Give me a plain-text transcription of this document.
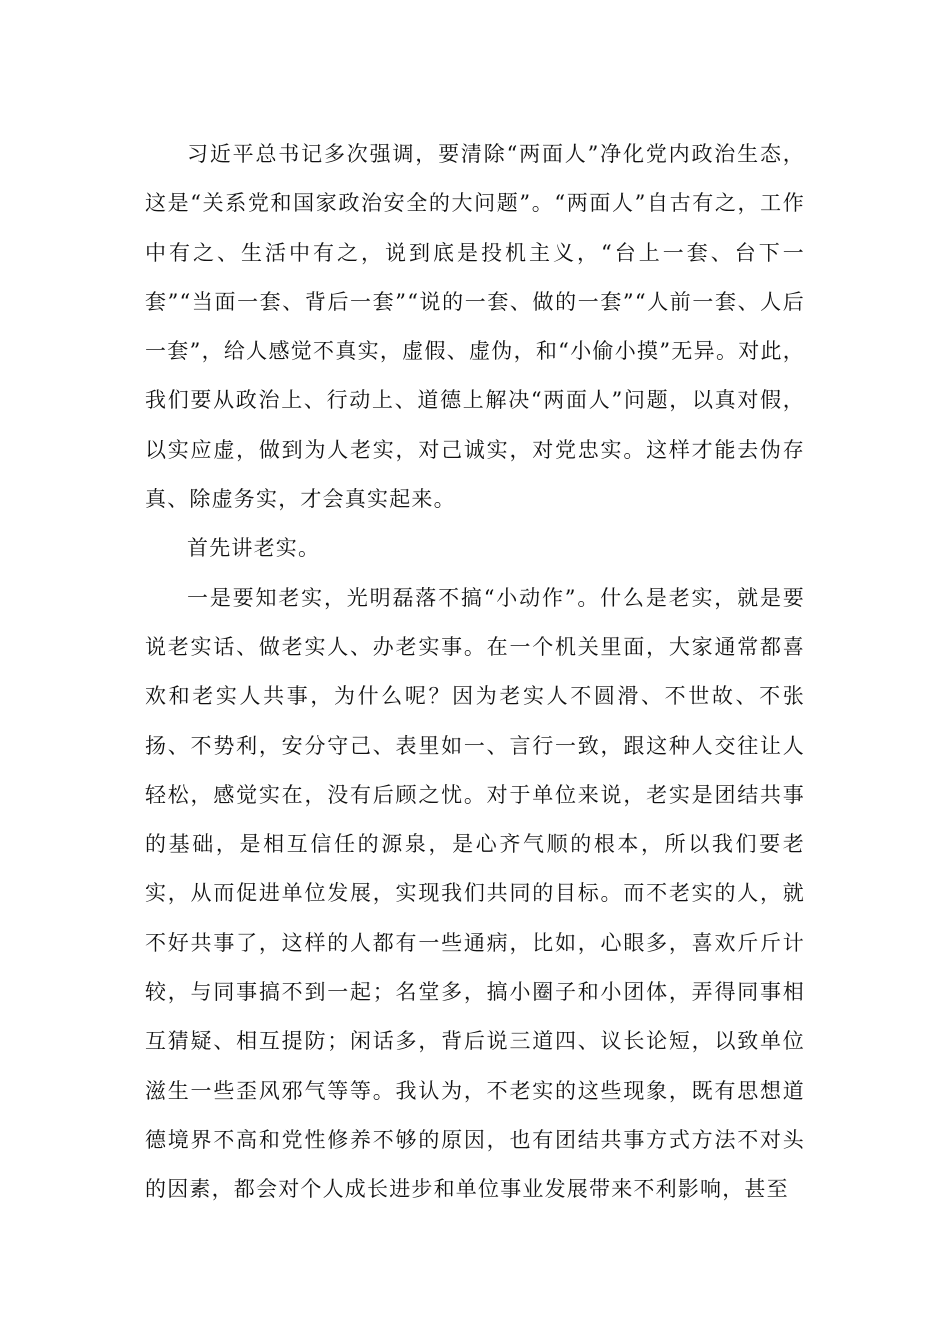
习近平总书记多次强调，要清除“两面人”净化党内政治生态，这是“关系党和国家政治安全的大问题”。“两面人”自古有之，工作中有之、生活中有之，说到底是投机主义，“台上一套、台下一套”“当面一套、背后一套”“说的一套、做的一套”“人前一套、人后一套”，给人感觉不真实，虚假、虚伪，和“小偷小摸”无异。对此，我们要从政治上、行动上、道德上解决“两面人”问题，以真对假，以实应虚，做到为人老实，对己诚实，对党忠实。这样才能去伪存真、除虚务实，才会真实起来。

首先讲老实。

一是要知老实，光明磊落不搞“小动作”。什么是老实，就是要说老实话、做老实人、办老实事。在一个机关里面，大家通常都喜欢和老实人共事，为什么呢？因为老实人不圆滑、不世故、不张扬、不势利，安分守己、表里如一、言行一致，跟这种人交往让人轻松，感觉实在，没有后顾之忧。对于单位来说，老实是团结共事的基础，是相互信任的源泉，是心齐气顺的根本，所以我们要老实，从而促进单位发展，实现我们共同的目标。而不老实的人，就不好共事了，这样的人都有一些通病，比如，心眼多，喜欢斤斤计较，与同事搞不到一起；名堂多，搞小圈子和小团体，弄得同事相互猜疑、相互提防；闲话多，背后说三道四、议长论短，以致单位滋生一些歪风邪气等等。我认为，不老实的这些现象，既有思想道德境界不高和党性修养不够的原因，也有团结共事方式方法不对头的因素，都会对个人成长进步和单位事业发展带来不利影响，甚至
